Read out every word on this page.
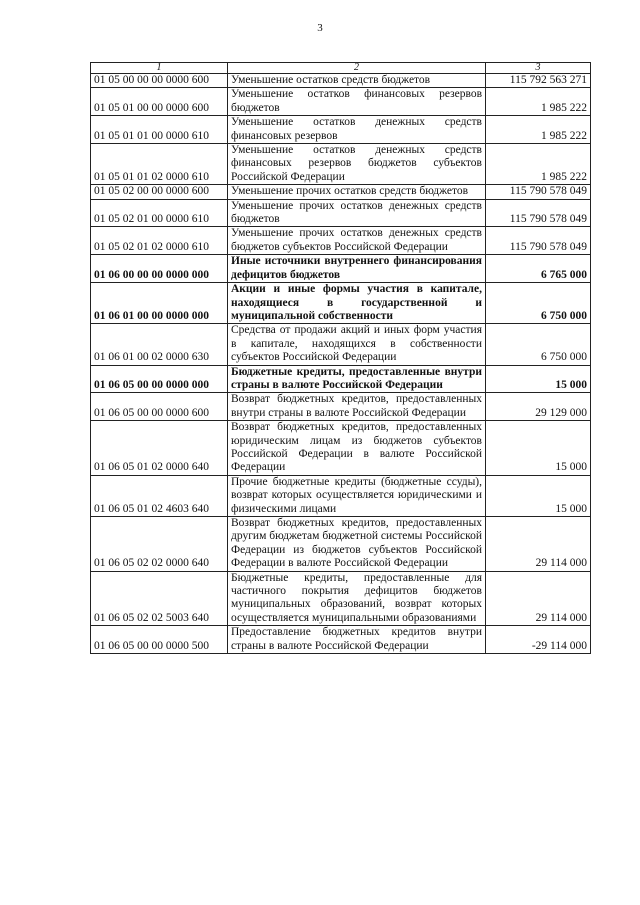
3
1	2	3
01 05 00 00 00 0000 600	Уменьшение остатков средств бюджетов	115 792 563 271
01 05 01 00 00 0000 600	Уменьшение остатков финансовых резервов бюджетов	1 985 222
01 05 01 01 00 0000 610	Уменьшение остатков денежных средств финансовых резервов	1 985 222
01 05 01 01 02 0000 610	Уменьшение остатков денежных средств финансовых резервов бюджетов субъектов Российской Федерации	1 985 222
01 05 02 00 00 0000 600	Уменьшение прочих остатков средств бюджетов	115 790 578 049
01 05 02 01 00 0000 610	Уменьшение прочих остатков денежных средств бюджетов	115 790 578 049
01 05 02 01 02 0000 610	Уменьшение прочих остатков денежных средств бюджетов субъектов Российской Федерации	115 790 578 049
01 06 00 00 00 0000 000	Иные источники внутреннего финансирования дефицитов бюджетов	6 765 000
01 06 01 00 00 0000 000	Акции и иные формы участия в капитале, находящиеся в государственной и муниципальной собственности	6 750 000
01 06 01 00 02 0000 630	Средства от продажи акций и иных форм участия в капитале, находящихся в собственности субъектов Российской Федерации	6 750 000
01 06 05 00 00 0000 000	Бюджетные кредиты, предоставленные внутри страны в валюте Российской Федерации	15 000
01 06 05 00 00 0000 600	Возврат бюджетных кредитов, предоставленных внутри страны в валюте Российской Федерации	29 129 000
01 06 05 01 02 0000 640	Возврат бюджетных кредитов, предоставленных юридическим лицам из бюджетов субъектов Российской Федерации в валюте Российской Федерации	15 000
01 06 05 01 02 4603 640	Прочие бюджетные кредиты (бюджетные ссуды), возврат которых осуществляется юридическими и физическими лицами	15 000
01 06 05 02 02 0000 640	Возврат бюджетных кредитов, предоставленных другим бюджетам бюджетной системы Российской Федерации из бюджетов субъектов Российской Федерации в валюте Российской Федерации	29 114 000
01 06 05 02 02 5003 640	Бюджетные кредиты, предоставленные для частичного покрытия дефицитов бюджетов муниципальных образований, возврат которых осуществляется муниципальными образованиями	29 114 000
01 06 05 00 00 0000 500	Предоставление бюджетных кредитов внутри страны в валюте Российской Федерации	-29 114 000
